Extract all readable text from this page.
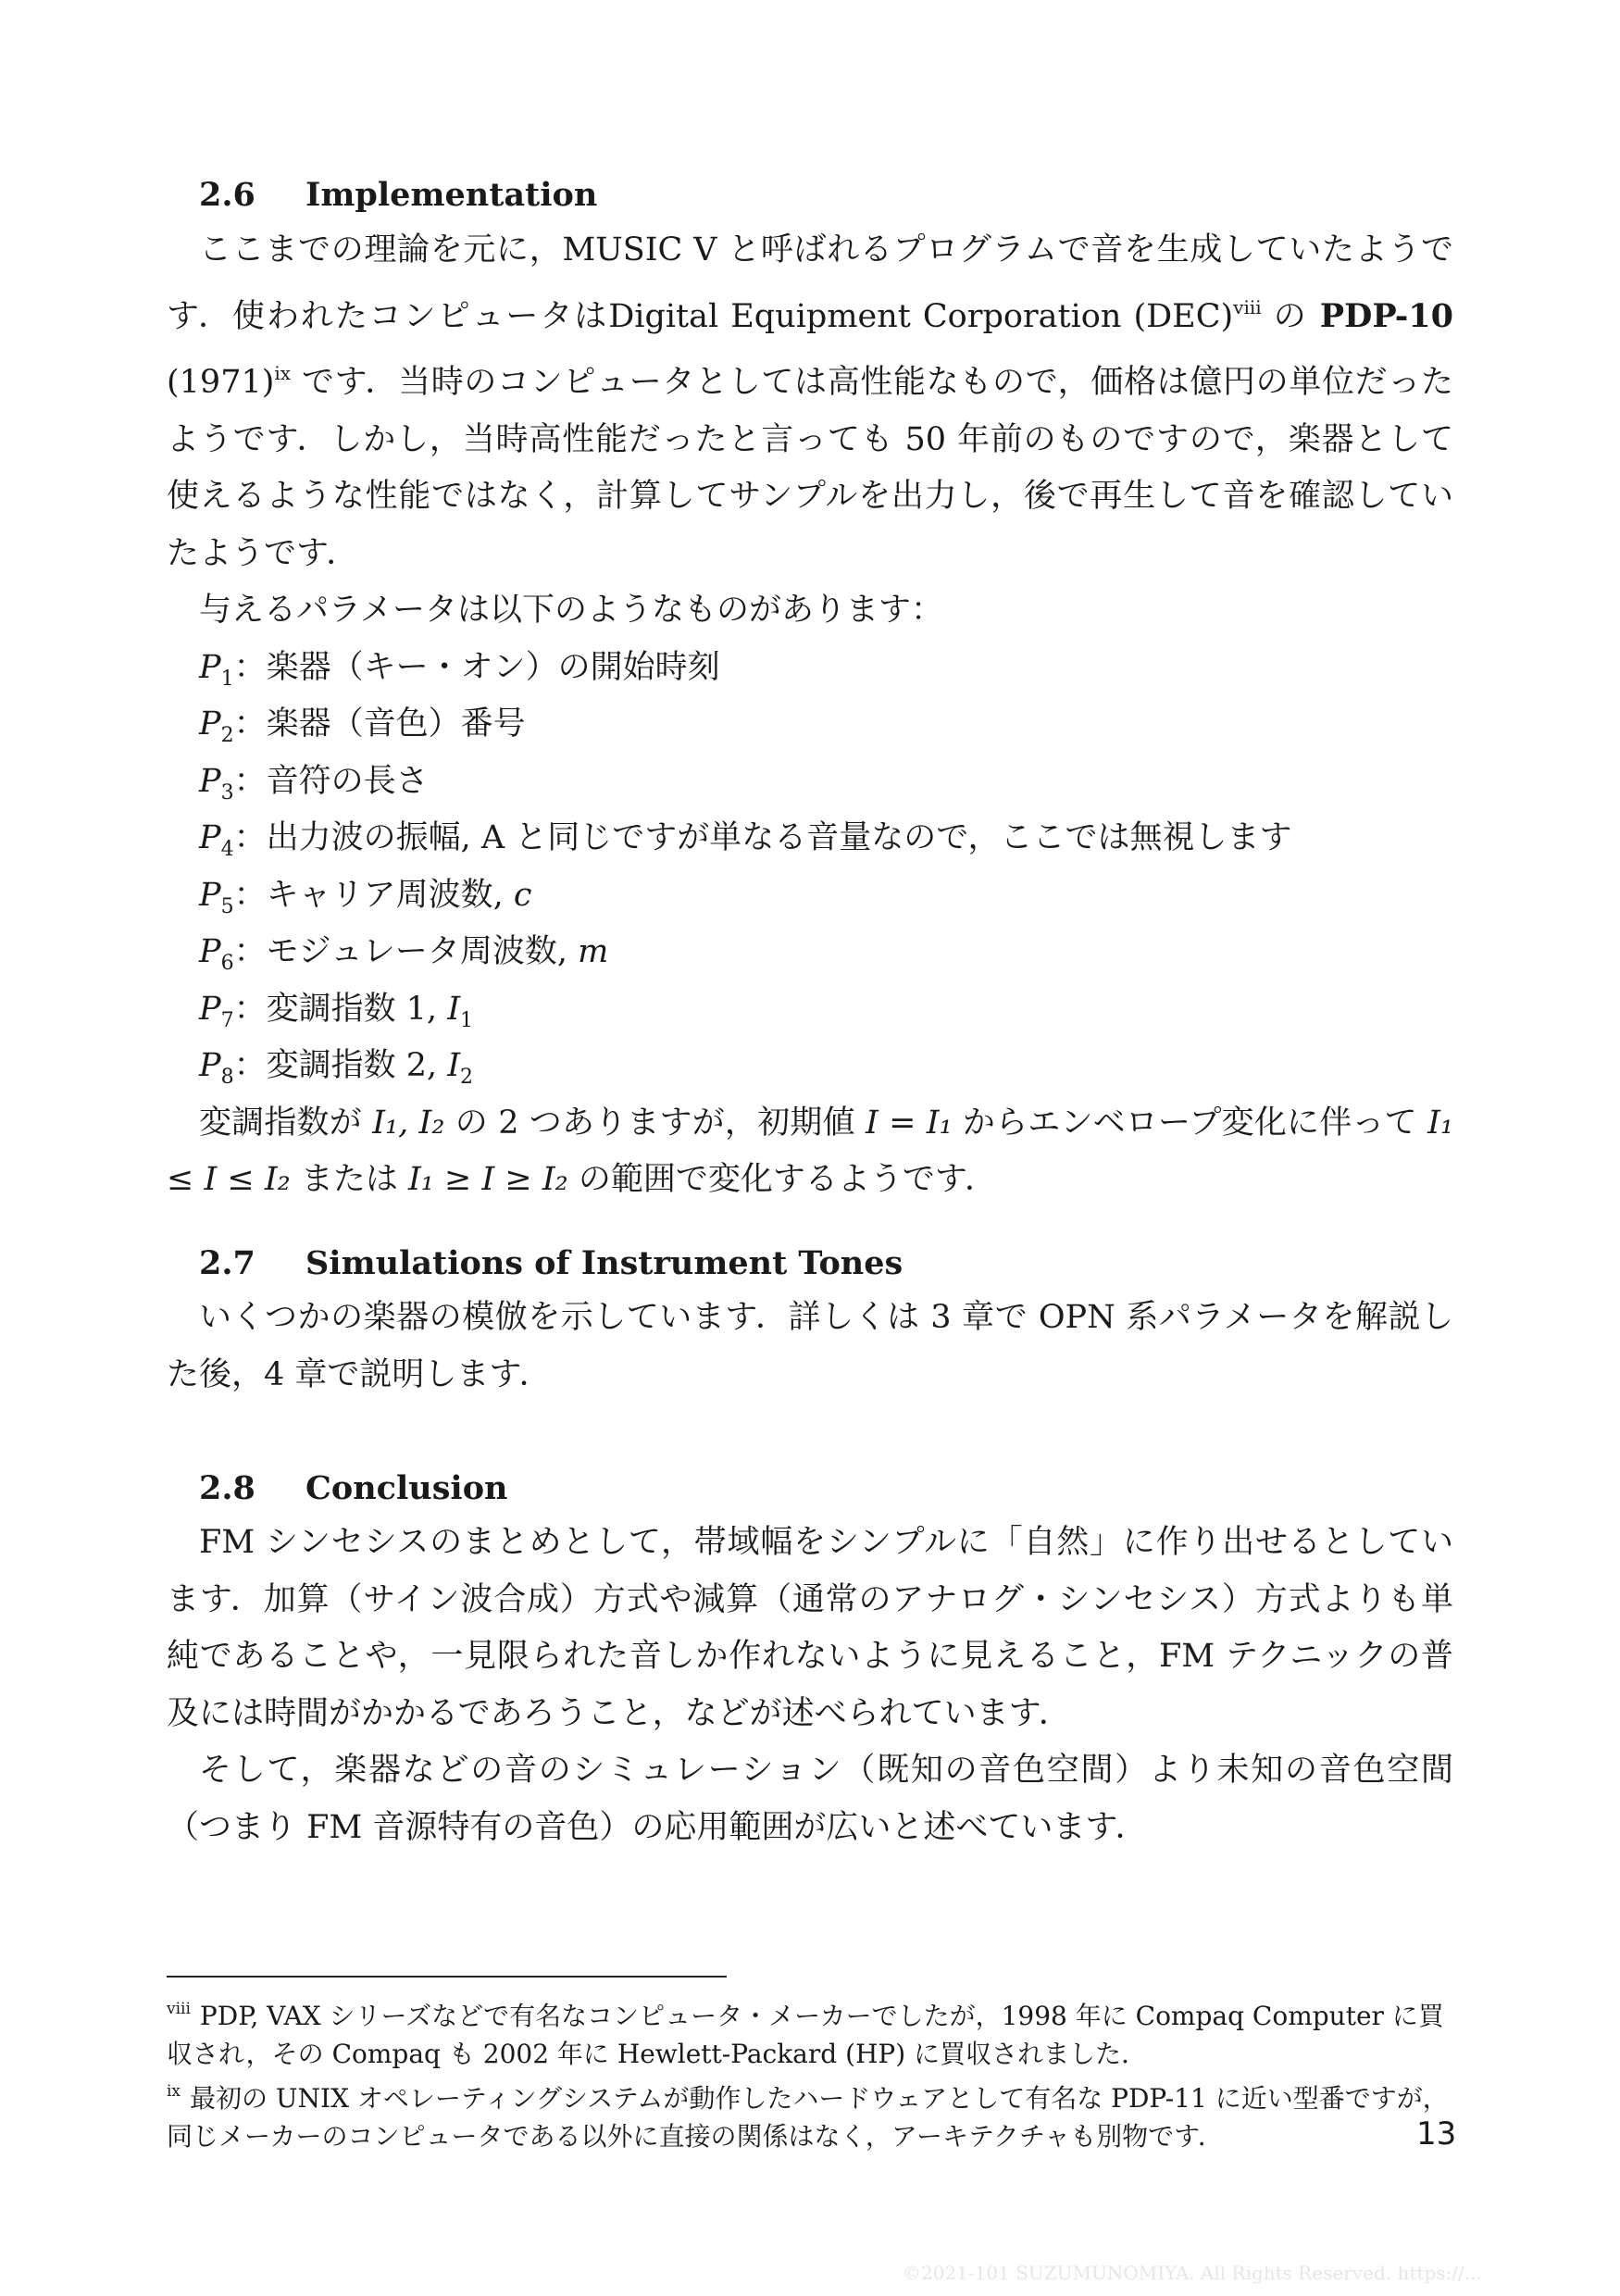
2.6 Implementation

ここまでの理論を元に，MUSIC V と呼ばれるプログラムで音を生成していたようです．使われたコンピュータはDigital Equipment Corporation (DEC)$^{viii}$ の PDP-10 $(1971)^{ix}$ です．当時のコンピュータとしては高性能なもので，価格は億円の単位だったようです．しかし，当時高性能だったと言っても 50 年前のものですので，楽器として使えるような性能ではなく，計算してサンプルを出力し，後で再生して音を確認していたようです．

与えるパラメータは以下のようなものがあります：

$P_1$：楽器（キー・オン）の開始時刻
$P_2$：楽器（音色）番号
$P_3$：音符の長さ
$P_4$：出力波の振幅, A と同じですが単なる音量なので，ここでは無視します
$P_5$：キャリア周波数, c
$P_6$：モジュレータ周波数, m
$P_7$：変調指数 1, $I_1$
$P_8$：変調指数 2, $I_2$

変調指数が I₁, I₂ の 2 つありますが，初期値 I = I₁ からエンベロープ変化に伴って I₁ ≤ I ≤ I₂ または I₁ ≥ I ≥ I₂ の範囲で変化するようです．

2.7 Simulations of Instrument Tones

いくつかの楽器の模倣を示しています．詳しくは 3 章で OPN 系パラメータを解説した後，4 章で説明します．

2.8 Conclusion

FM シンセシスのまとめとして，帯域幅をシンプルに「自然」に作り出せるとしています．加算（サイン波合成）方式や減算（通常のアナログ・シンセシス）方式よりも単純であることや，一見限られた音しか作れないように見えること，FM テクニックの普及には時間がかかるであろうこと，などが述べられています．

そして，楽器などの音のシミュレーション（既知の音色空間）より未知の音色空間（つまり FM 音源特有の音色）の応用範囲が広いと述べています．

$^{viii}$ PDP, VAX シリーズなどで有名なコンピュータ・メーカーでしたが，1998 年に Compaq Computer に買収され，その Compaq も 2002 年に Hewlett-Packard (HP) に買収されました．

$^{ix}$ 最初の UNIX オペレーティングシステムが動作したハードウェアとして有名な PDP-11 に近い型番ですが，同じメーカーのコンピュータである以外に直接の関係はなく，アーキテクチャも別物です．	13
©2021-101 SUZUMUNOMIYA. All Rights Reserved. https://...
